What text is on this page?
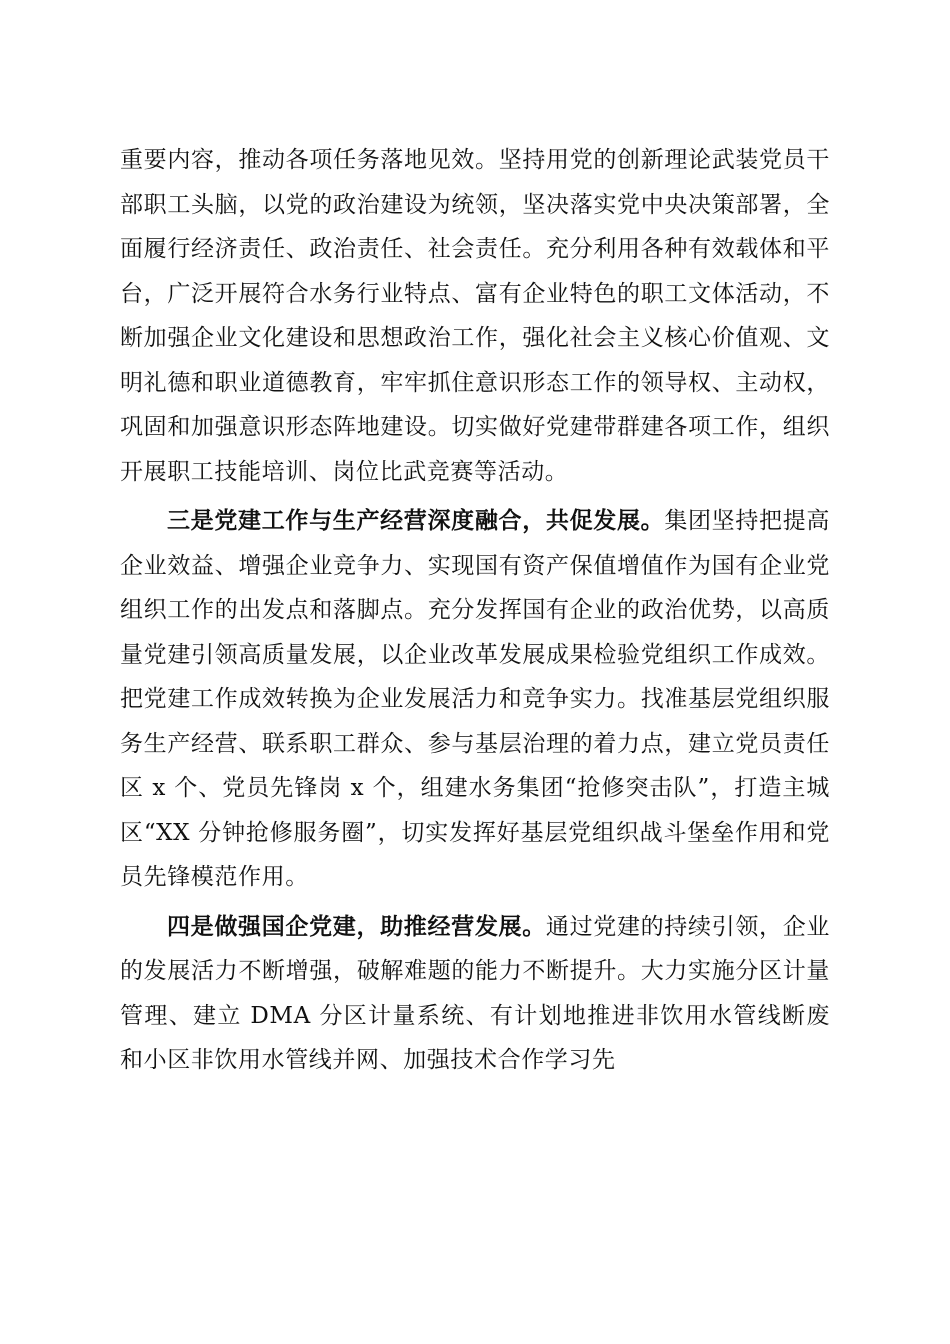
重要内容，推动各项任务落地见效。坚持用党的创新理论武装党员干部职工头脑，以党的政治建设为统领，坚决落实党中央决策部署，全面履行经济责任、政治责任、社会责任。充分利用各种有效载体和平台，广泛开展符合水务行业特点、富有企业特色的职工文体活动，不断加强企业文化建设和思想政治工作，强化社会主义核心价值观、文明礼德和职业道德教育，牢牢抓住意识形态工作的领导权、主动权，巩固和加强意识形态阵地建设。切实做好党建带群建各项工作，组织开展职工技能培训、岗位比武竞赛等活动。

三是党建工作与生产经营深度融合，共促发展。集团坚持把提高企业效益、增强企业竞争力、实现国有资产保值增值作为国有企业党组织工作的出发点和落脚点。充分发挥国有企业的政治优势，以高质量党建引领高质量发展，以企业改革发展成果检验党组织工作成效。把党建工作成效转换为企业发展活力和竞争实力。找准基层党组织服务生产经营、联系职工群众、参与基层治理的着力点，建立党员责任区 x 个、党员先锋岗 x 个，组建水务集团“抢修突击队”，打造主城区“XX 分钟抢修服务圈”，切实发挥好基层党组织战斗堡垒作用和党员先锋模范作用。

四是做强国企党建，助推经营发展。通过党建的持续引领，企业的发展活力不断增强，破解难题的能力不断提升。大力实施分区计量管理、建立 DMA 分区计量系统、有计划地推进非饮用水管线断废和小区非饮用水管线并网、加强技术合作学习先
